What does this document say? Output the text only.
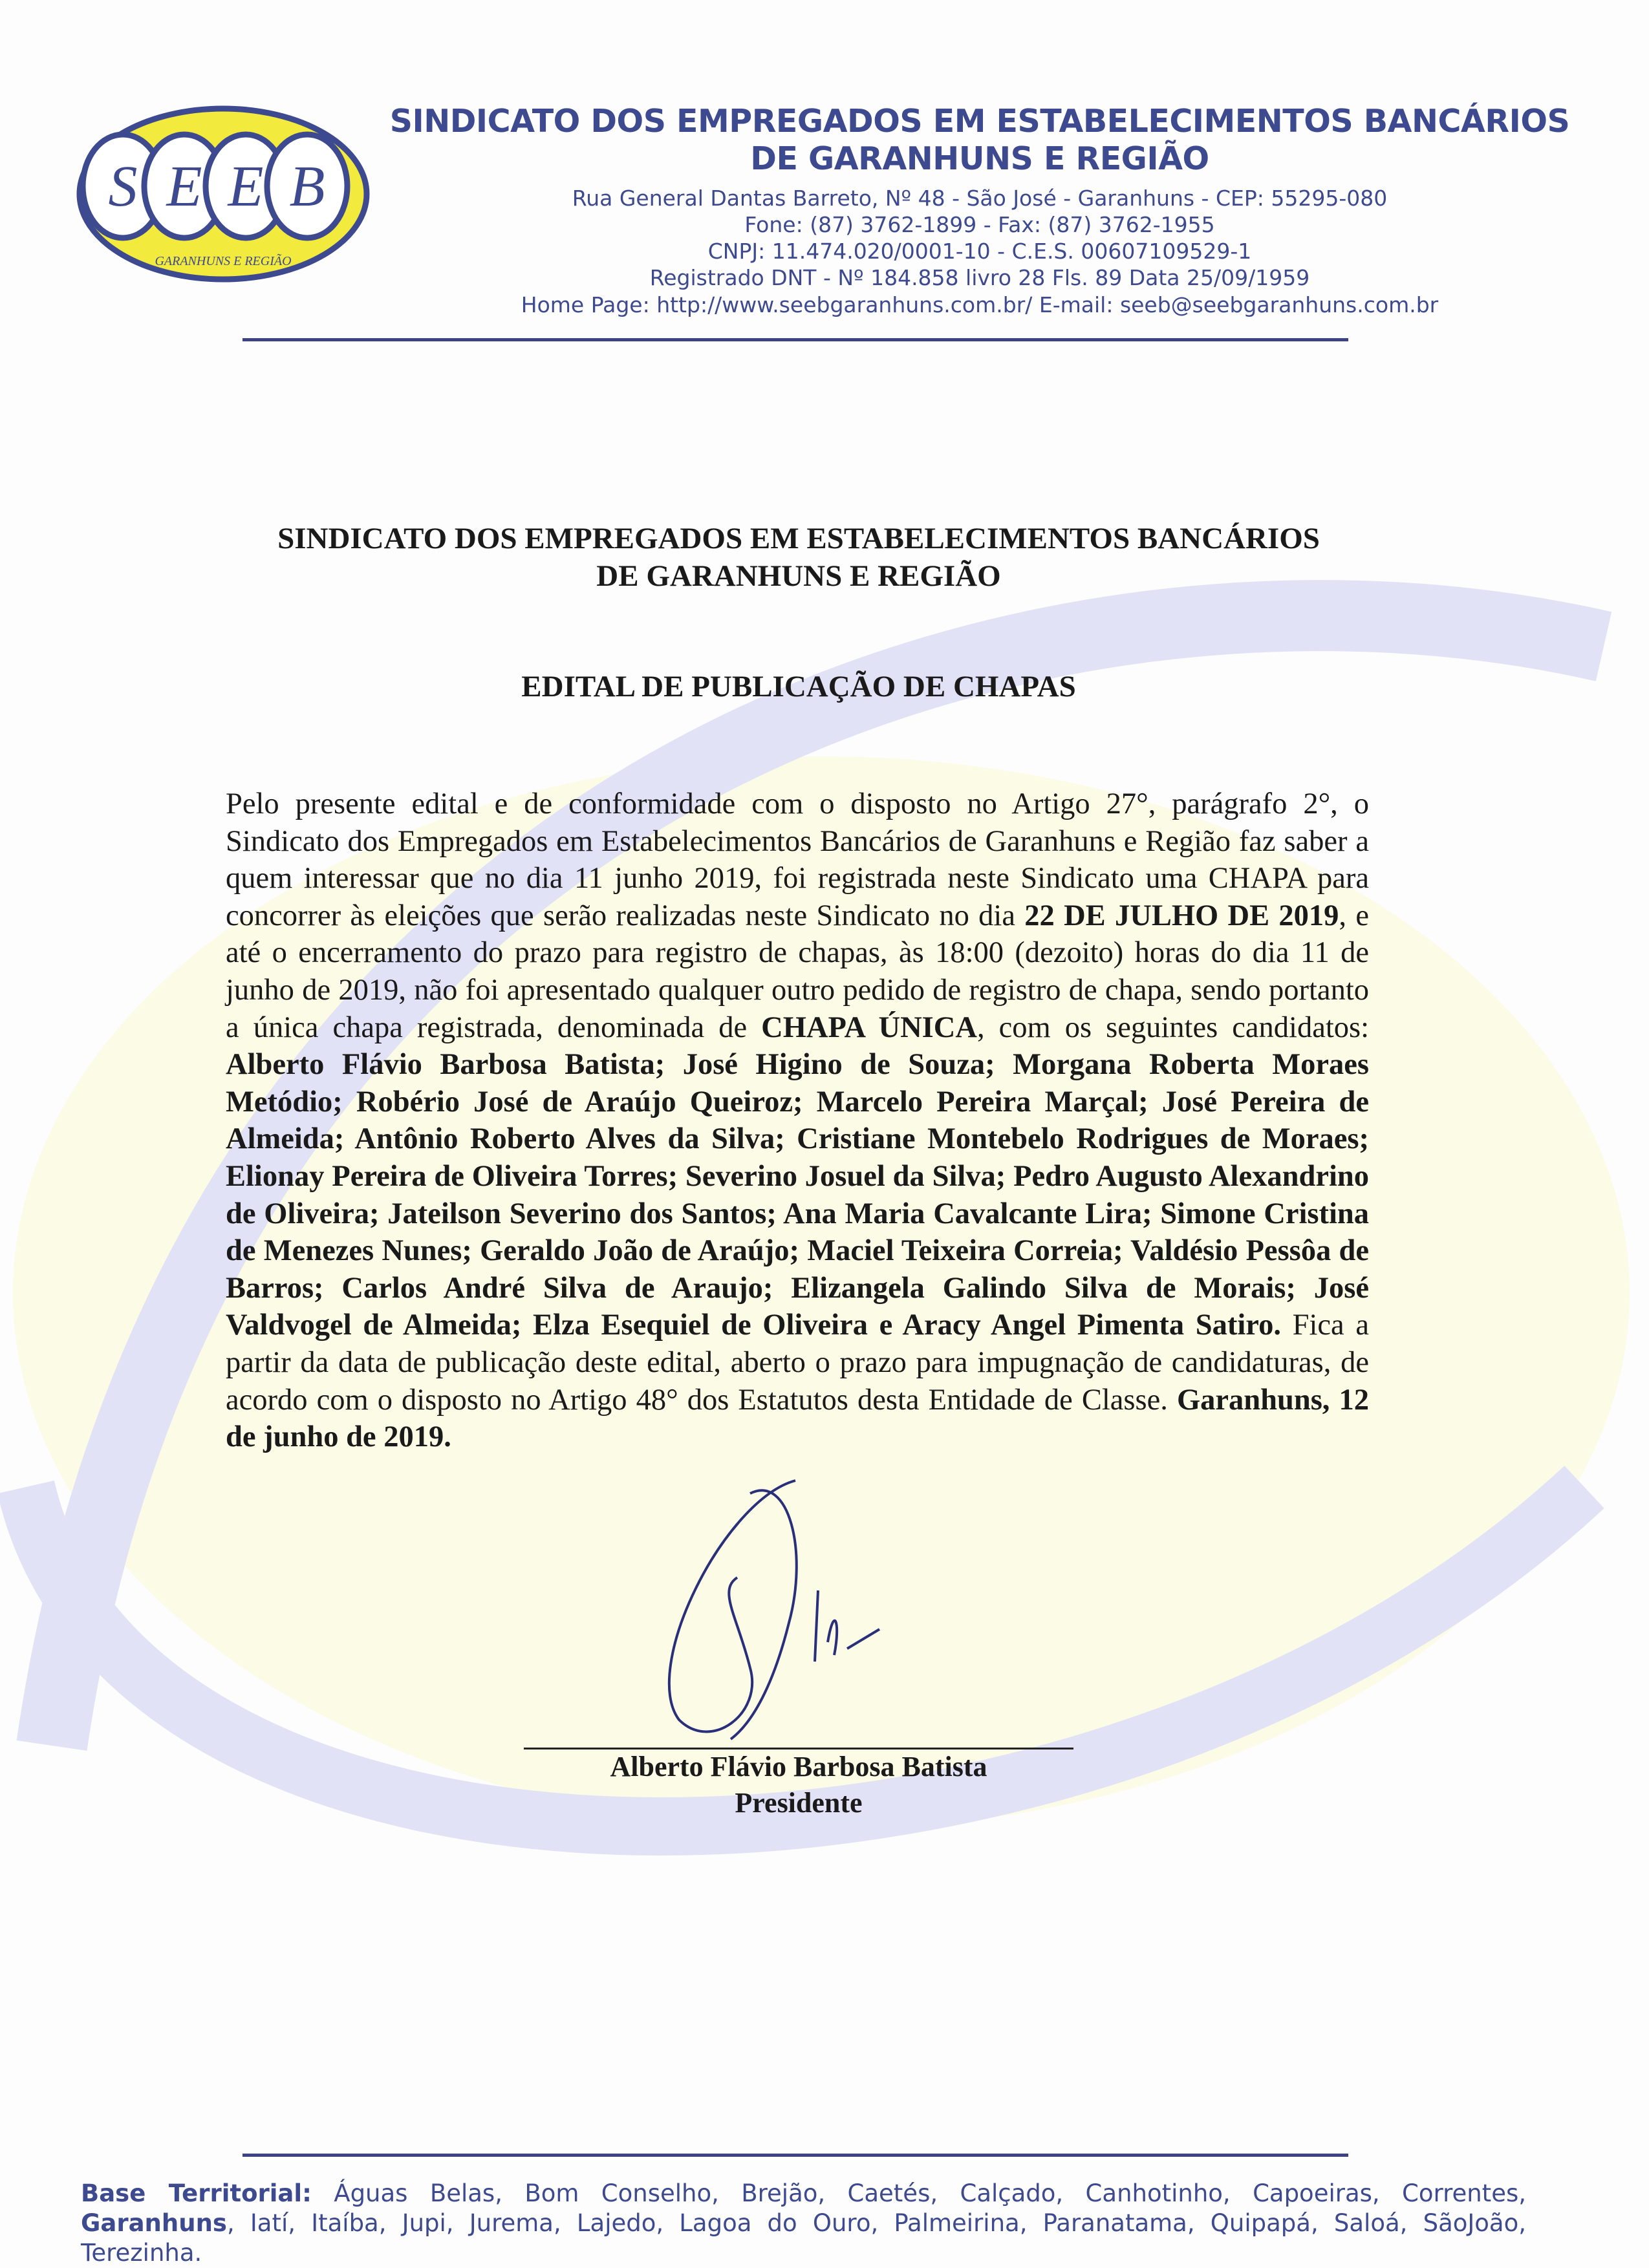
S E E B
GARANHUNS E REGIÃO
SINDICATO DOS EMPREGADOS EM ESTABELECIMENTOS BANCÁRIOS
DE GARANHUNS E REGIÃO
Rua General Dantas Barreto, Nº 48 - São José - Garanhuns - CEP: 55295-080
Fone: (87) 3762-1899 - Fax: (87) 3762-1955
CNPJ: 11.474.020/0001-10 - C.E.S. 00607109529-1
Registrado DNT - Nº 184.858 livro 28 Fls. 89 Data 25/09/1959
Home Page: http://www.seebgaranhuns.com.br/ E-mail: seeb@seebgaranhuns.com.br
SINDICATO DOS EMPREGADOS EM ESTABELECIMENTOS BANCÁRIOS
DE GARANHUNS E REGIÃO
EDITAL DE PUBLICAÇÃO DE CHAPAS
Pelo presente edital e de conformidade com o disposto no Artigo 27°, parágrafo 2°, o Sindicato dos Empregados em Estabelecimentos Bancários de Garanhuns e Região faz saber a quem interessar que no dia 11 junho 2019, foi registrada neste Sindicato uma CHAPA para concorrer às eleições que serão realizadas neste Sindicato no dia 22 DE JULHO DE 2019, e até o encerramento do prazo para registro de chapas, às 18:00 (dezoito) horas do dia 11 de junho de 2019, não foi apresentado qualquer outro pedido de registro de chapa, sendo portanto a única chapa registrada, denominada de CHAPA ÚNICA, com os seguintes candidatos: Alberto Flávio Barbosa Batista; José Higino de Souza; Morgana Roberta Moraes Metódio; Robério José de Araújo Queiroz; Marcelo Pereira Marçal; José Pereira de Almeida; Antônio Roberto Alves da Silva; Cristiane Montebelo Rodrigues de Moraes; Elionay Pereira de Oliveira Torres; Severino Josuel da Silva; Pedro Augusto Alexandrino de Oliveira; Jateilson Severino dos Santos; Ana Maria Cavalcante Lira; Simone Cristina de Menezes Nunes; Geraldo João de Araújo; Maciel Teixeira Correia; Valdésio Pessôa de Barros; Carlos André Silva de Araujo; Elizangela Galindo Silva de Morais; José Valdvogel de Almeida; Elza Esequiel de Oliveira e Aracy Angel Pimenta Satiro. Fica a partir da data de publicação deste edital, aberto o prazo para impugnação de candidaturas, de acordo com o disposto no Artigo 48° dos Estatutos desta Entidade de Classe. Garanhuns, 12 de junho de 2019.
Alberto Flávio Barbosa Batista
Presidente
Base Territorial: Águas Belas, Bom Conselho, Brejão, Caetés, Calçado, Canhotinho, Capoeiras, Correntes, Garanhuns, Iatí, Itaíba, Jupi, Jurema, Lajedo, Lagoa do Ouro, Palmeirina, Paranatama, Quipapá, Saloá, SãoJoão, Terezinha.
